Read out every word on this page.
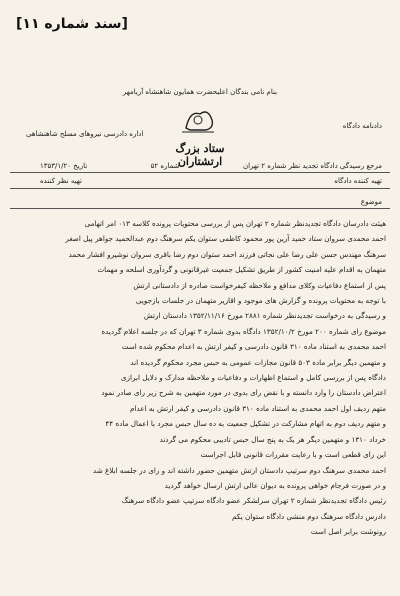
[سند شماره ۱۱]
بنام نامی بندگان اعلیحضرت همایون شاهنشاه آریامهر
دادنامه دادگاه
اداره دادرسی نیروهای مسلح شاهنشاهی
ستاد بزرگ ارتشتاران	مرجع رسیدگی دادگاه تجدید نظر شماره ۲ تهران
شماره ۵۲
تاریخ ۱۳۵۳/۱/۲۰
تهیه کننده دادگاه
تهیه نظر کننده
موضوع

هیئت دادرسان دادگاه تجدیدنظر شماره ۲ تهران پس از بررسی محتویات پرونده کلاسه ۰۱۳ امر اتهامی

احمد محمدی سروان ستاد حمید آرین پور محمود کاظمی ستوان یکم سرهنگ دوم عبدالحمید جواهر پیل اصغر

سرهنگ مهندس حسن علی رضا علی نجاتی فرزند احمد ستوان دوم رضا باقری سروان نوشیرو افشار محمد

متهمان به اقدام علیه امنیت کشور از طریق تشکیل جمعیت غیرقانونی و گردآوری اسلحه و مهمات

پس از استماع دفاعیات وکلای مدافع و ملاحظه کیفرخواست صادره از دادستانی ارتش

با توجه به محتویات پرونده و گزارش های موجود و اقاریر متهمان در جلسات بازجویی

و رسیدگی به درخواست تجدیدنظر شماره ۲۸۸۱ مورخ ۱۳۵۲/۱۱/۱۶ دادستان ارتش

موضوع رای شماره ۲۰۰ مورخ ۱۳۵۲/۱۰/۲ دادگاه بدوی شماره ۳ تهران که در جلسه اعلام گردیده

احمد محمدی به استناد ماده ۳۱۰ قانون دادرسی و کیفر ارتش به اعدام محکوم شده است

و متهمین دیگر برابر ماده ۵۰۳ قانون مجازات عمومی به حبس مجرد محکوم گردیده اند

دادگاه پس از بررسی کامل و استماع اظهارات و دفاعیات و ملاحظه مدارک و دلایل ابرازی

اعتراض دادستان را وارد دانسته و با نقض رای بدوی در مورد متهمین به شرح زیر رای صادر نمود

متهم ردیف اول احمد محمدی به استناد ماده ۳۱۰ قانون دادرسی و کیفر ارتش به اعدام

و متهم ردیف دوم به اتهام مشارکت در تشکیل جمعیت به ده سال حبس مجرد با اعمال ماده ۴۴

خرداد ۱۳۱۰ و متهمین دیگر هر یک به پنج سال حبس تادیبی محکوم می گردند

این رای قطعی است و با رعایت مقررات قانونی قابل اجراست

احمد محمدی سرهنگ دوم سرتیپ دادستان ارتش متهمین حضور داشته اند و رای در جلسه ابلاغ شد

و در صورت فرجام خواهی پرونده به دیوان عالی ارتش ارسال خواهد گردید

رئیس دادگاه تجدیدنظر شماره ۲ تهران سرلشکر عضو دادگاه سرتیپ عضو دادگاه سرهنگ

دادرس دادگاه سرهنگ دوم منشی دادگاه ستوان یکم

رونوشت برابر اصل است
